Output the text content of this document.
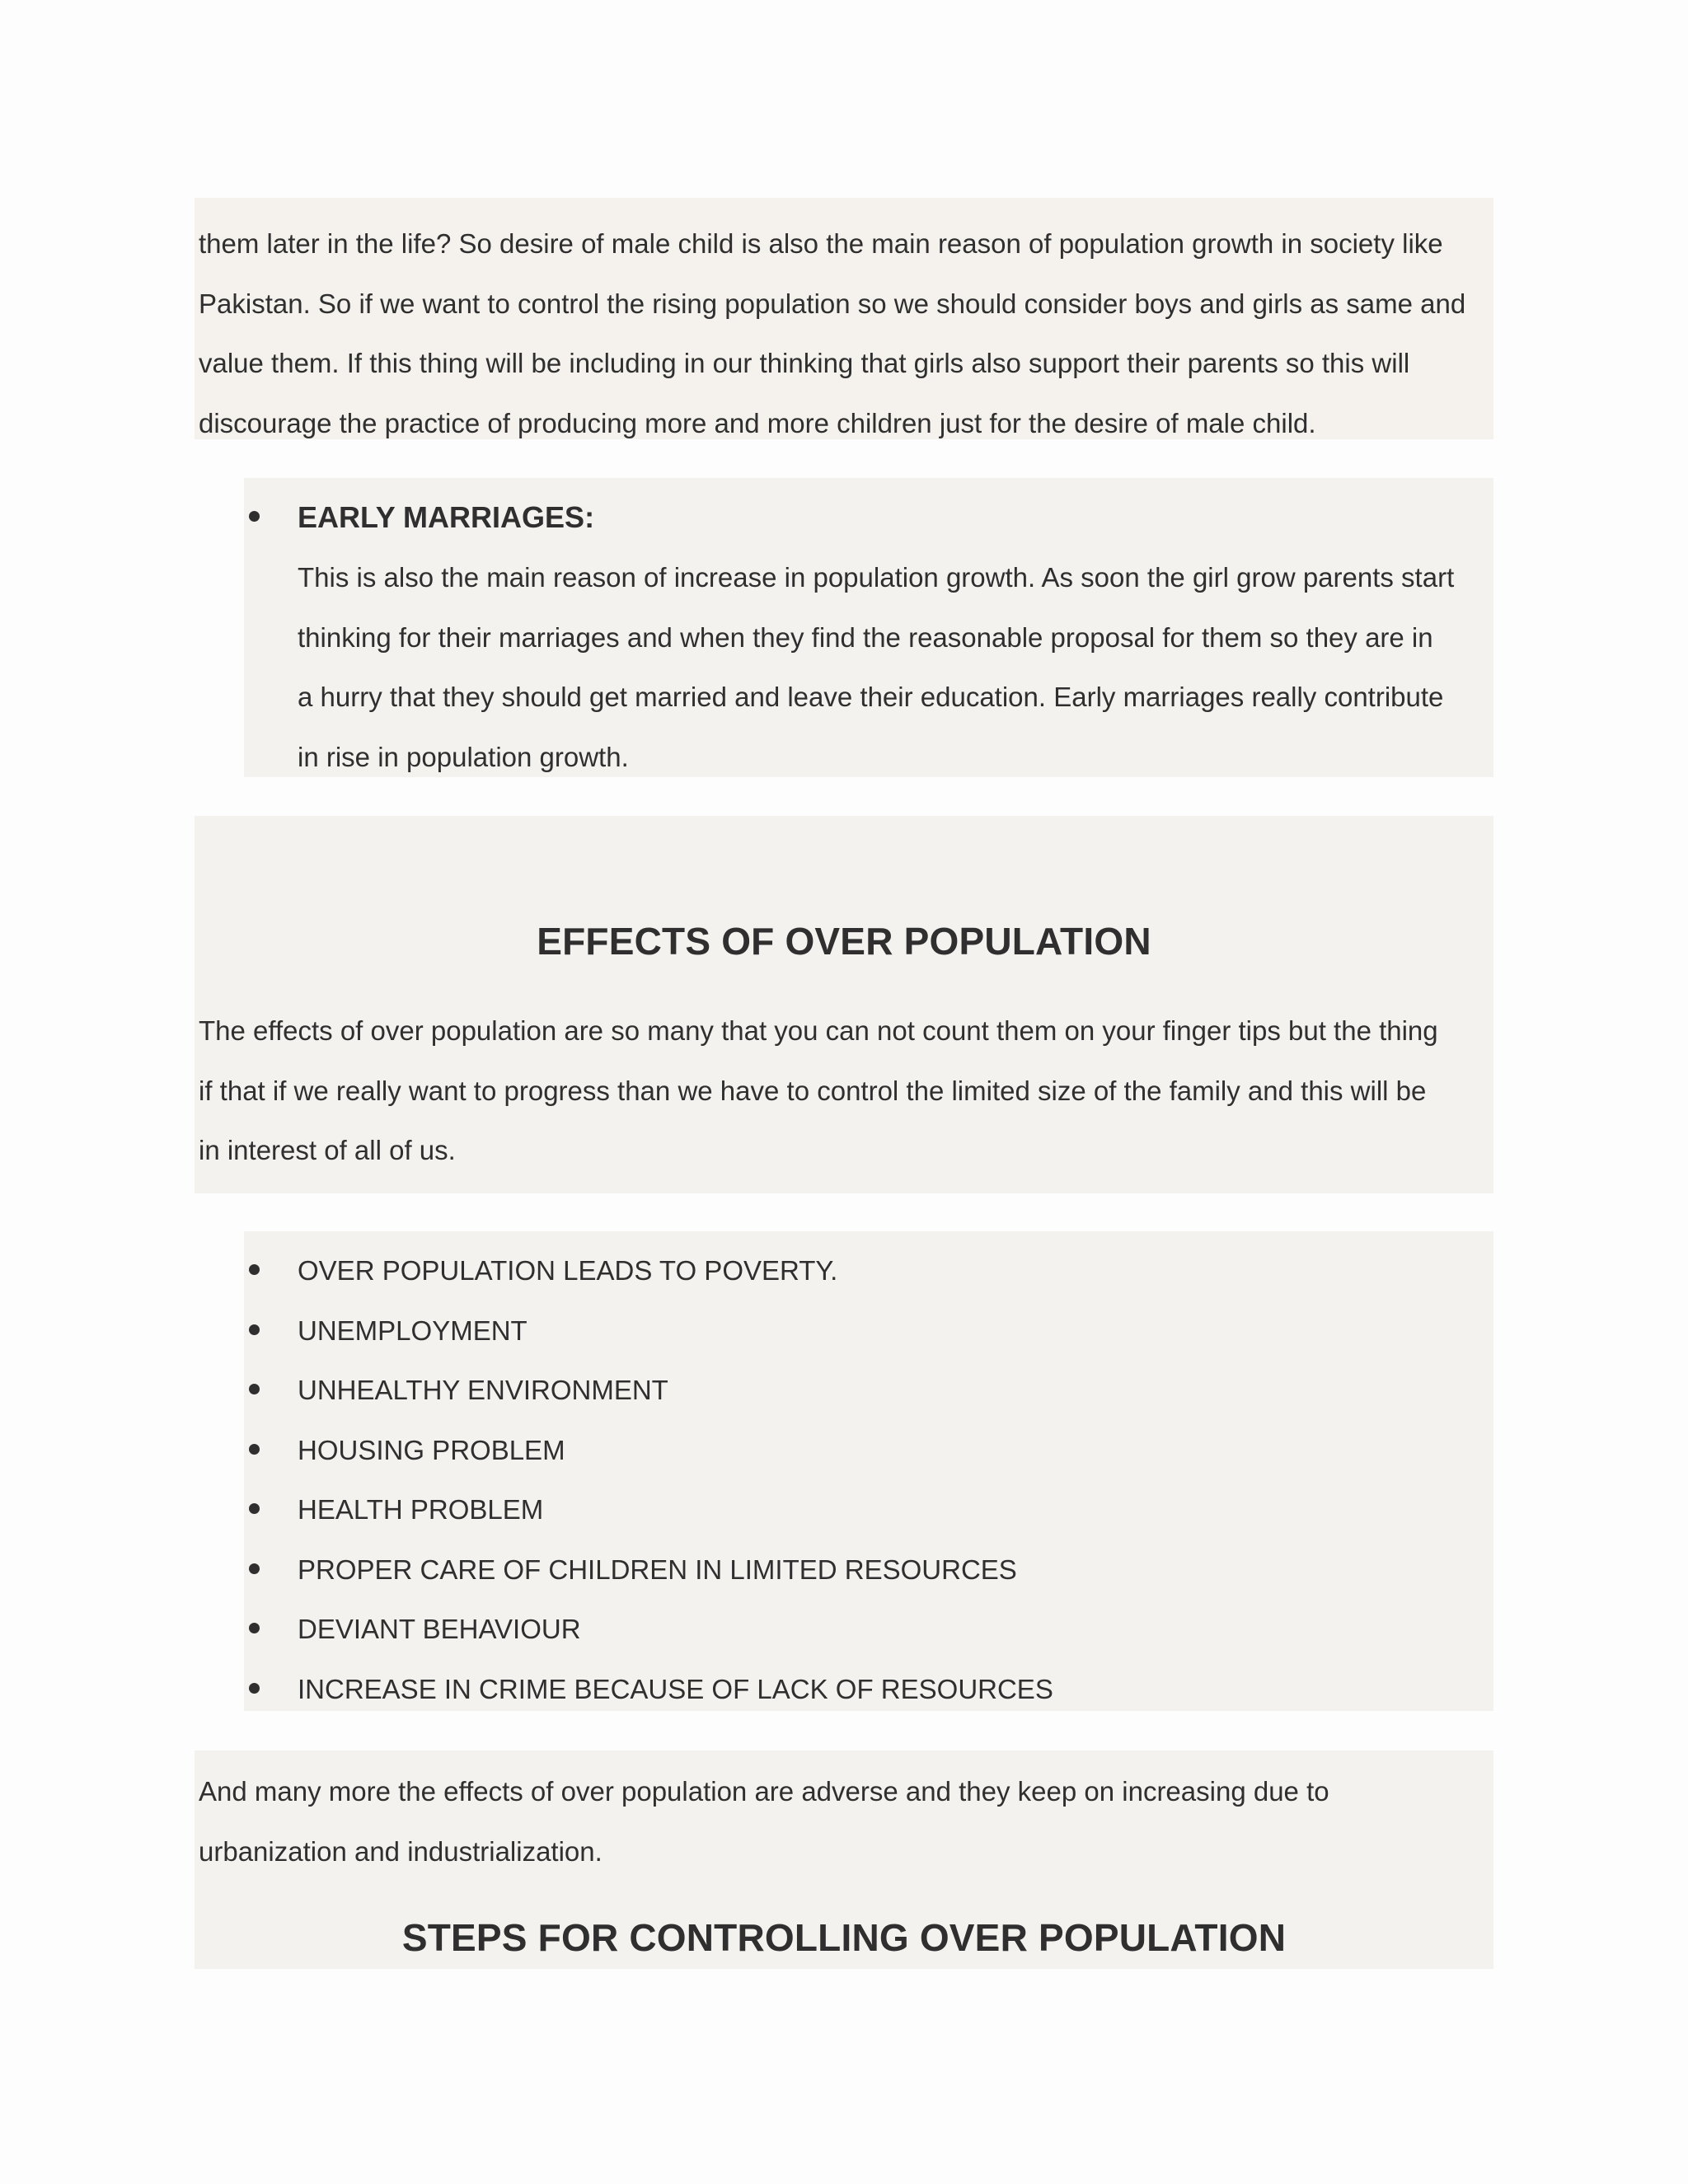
them later in the life? So desire of male child is also the main reason of population growth in society like
Pakistan. So if we want to control the rising population so we should consider boys and girls as same and
value them. If this thing will be including in our thinking that girls also support their parents so this will
discourage the practice of producing more and more children just for the desire of male child.
EARLY MARRIAGES:
This is also the main reason of increase in population growth. As soon the girl grow parents start
thinking for their marriages and when they find the reasonable proposal for them so they are in
a hurry that they should get married and leave their education. Early marriages really contribute
in rise in population growth.
EFFECTS OF OVER POPULATION
The effects of over population are so many that you can not count them on your finger tips but the thing
if that if we really want to progress than we have to control the limited size of the family and this will be
in interest of all of us.
OVER POPULATION LEADS TO POVERTY.
UNEMPLOYMENT
UNHEALTHY ENVIRONMENT
HOUSING PROBLEM
HEALTH PROBLEM
PROPER CARE OF CHILDREN IN LIMITED RESOURCES
DEVIANT BEHAVIOUR
INCREASE IN CRIME BECAUSE OF LACK OF RESOURCES
And many more the effects of over population are adverse and they keep on increasing due to
urbanization and industrialization.
STEPS FOR CONTROLLING OVER POPULATION
